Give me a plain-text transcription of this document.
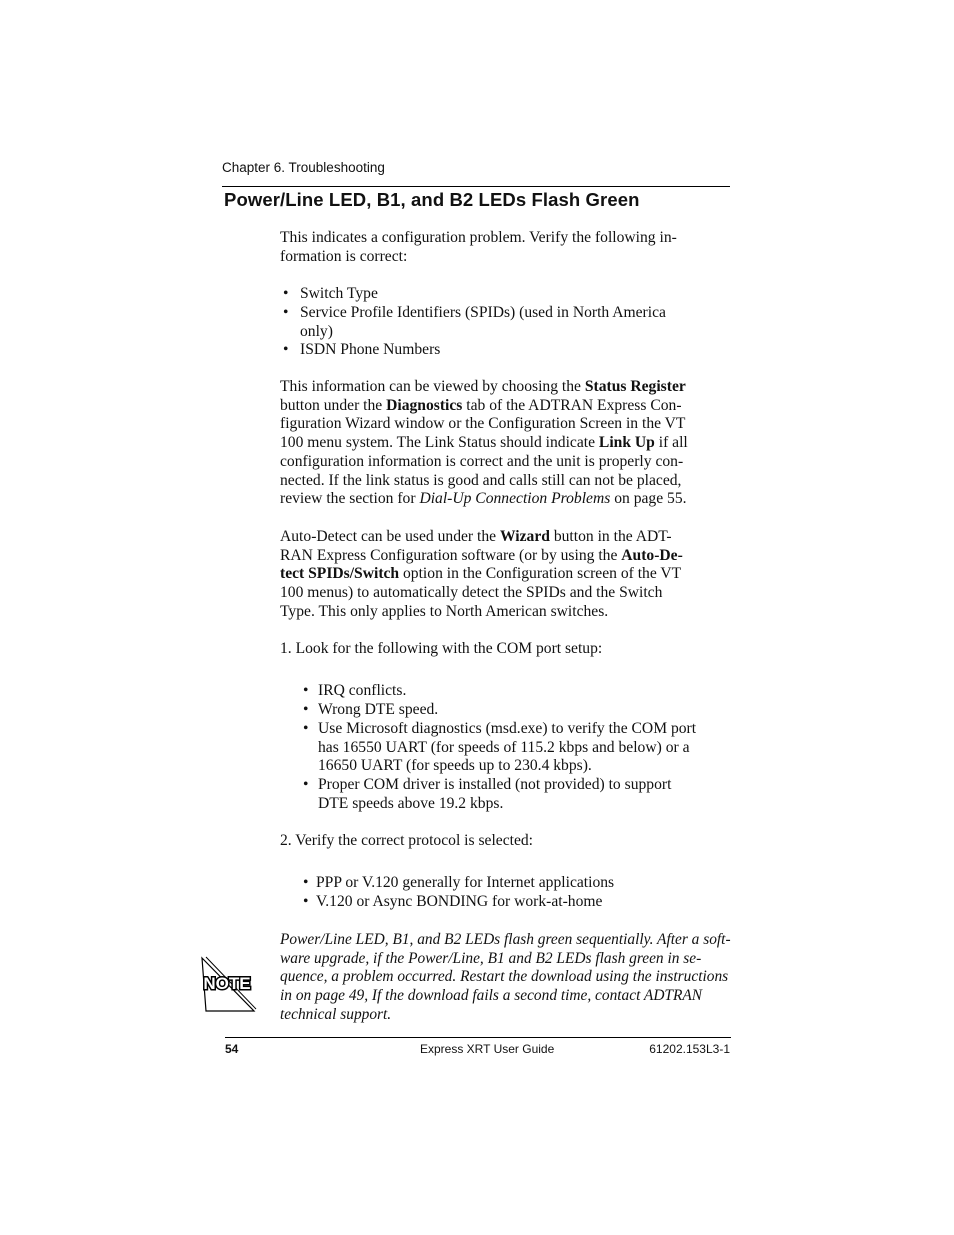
Chapter 6. Troubleshooting
Power/Line LED, B1, and B2 LEDs Flash Green
This indicates a configuration problem. Verify the following in-
formation is correct:
• Switch Type
• Service Profile Identifiers (SPIDs) (used in North America
only)
• ISDN Phone Numbers
This information can be viewed by choosing the Status Register
button under the Diagnostics tab of the ADTRAN Express Con-
figuration Wizard window or the Configuration Screen in the VT
100 menu system. The Link Status should indicate Link Up if all
configuration information is correct and the unit is properly con-
nected. If the link status is good and calls still can not be placed,
review the section for Dial-Up Connection Problems on page 55.
Auto-Detect can be used under the Wizard button in the ADT-
RAN Express Configuration software (or by using the Auto-De-
tect SPIDs/Switch option in the Configuration screen of the VT
100 menus) to automatically detect the SPIDs and the Switch
Type. This only applies to North American switches.
1. Look for the following with the COM port setup:
• IRQ conflicts.
• Wrong DTE speed.
• Use Microsoft diagnostics (msd.exe) to verify the COM port
has 16550 UART (for speeds of 115.2 kbps and below) or a
16650 UART (for speeds up to 230.4 kbps).
• Proper COM driver is installed (not provided) to support
DTE speeds above 19.2 kbps.
2. Verify the correct protocol is selected:
• PPP or V.120 generally for Internet applications
• V.120 or Async BONDING for work-at-home
NOTE
Power/Line LED, B1, and B2 LEDs flash green sequentially. After a soft-
ware upgrade, if the Power/Line, B1 and B2 LEDs flash green in se-
quence, a problem occurred. Restart the download using the instructions
in on page 49, If the download fails a second time, contact ADTRAN
technical support.
54	Express XRT User Guide	61202.153L3-1
